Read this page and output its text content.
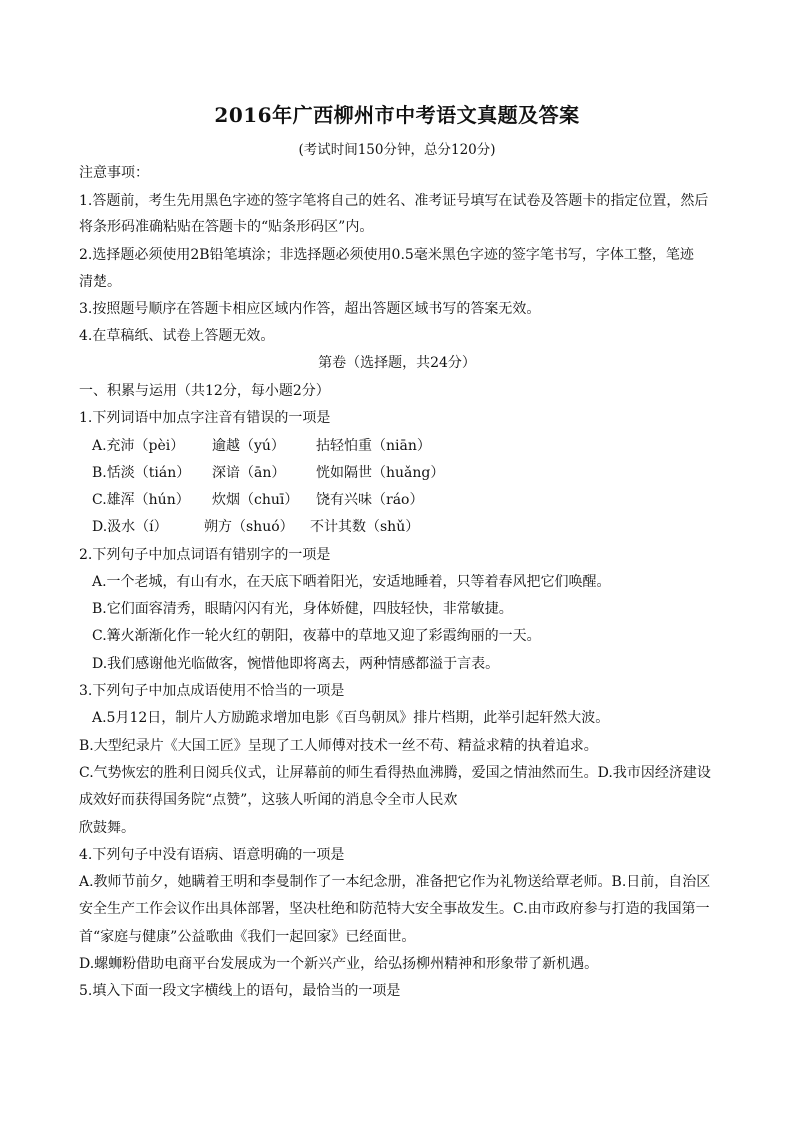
2016年广西柳州市中考语文真题及答案
(考试时间150分钟，总分120分)
注意事项：
1.答题前，考生先用黑色字迹的签字笔将自己的姓名、准考证号填写在试卷及答题卡的指定位置，然后
将条形码准确粘贴在答题卡的“贴条形码区”内。
2.选择题必须使用2B铅笔填涂；非选择题必须使用0.5毫米黑色字迹的签字笔书写，字体工整，笔迹
清楚。
3.按照题号顺序在答题卡相应区域内作答，超出答题区域书写的答案无效。
4.在草稿纸、试卷上答题无效。
第卷（选择题，共24分）
一、积累与运用（共12分，每小题2分）
1.下列词语中加点字注音有错误的一项是
A.充沛（pèi） 逾越（yú） 拈轻怕重（niān）
B.恬淡（tián） 深谙（ān） 恍如隔世（huǎng）
C.雄浑（hún） 炊烟（chuī） 饶有兴味（ráo）
D.汲水（í）	朔方（shuó） 不计其数（shǔ）
2.下列句子中加点词语有错别字的一项是
A.一个老城，有山有水，在天底下晒着阳光，安适地睡着，只等着春风把它们唤醒。
B.它们面容清秀，眼睛闪闪有光，身体娇健，四肢轻快，非常敏捷。
C.篝火渐渐化作一轮火红的朝阳，夜幕中的草地又迎了彩霞绚丽的一天。
D.我们感谢他光临做客，惋惜他即将离去，两种情感都溢于言表。
3.下列句子中加点成语使用不恰当的一项是
A.5月12日，制片人方励跪求增加电影《百鸟朝凤》排片档期，此举引起轩然大波。
B.大型纪录片《大国工匠》呈现了工人师傅对技术一丝不苟、精益求精的执着追求。
C.气势恢宏的胜利日阅兵仪式，让屏幕前的师生看得热血沸腾，爱国之情油然而生。D.我市因经济建设
成效好而获得国务院“点赞”，这骇人听闻的消息令全市人民欢
欣鼓舞。
4.下列句子中没有语病、语意明确的一项是
A.教师节前夕，她瞒着王明和李曼制作了一本纪念册，准备把它作为礼物送给覃老师。B.日前，自治区
安全生产工作会议作出具体部署，坚决杜绝和防范特大安全事故发生。C.由市政府参与打造的我国第一
首“家庭与健康”公益歌曲《我们一起回家》已经面世。
D.螺蛳粉借助电商平台发展成为一个新兴产业，给弘扬柳州精神和形象带了新机遇。
5.填入下面一段文字横线上的语句，最恰当的一项是
